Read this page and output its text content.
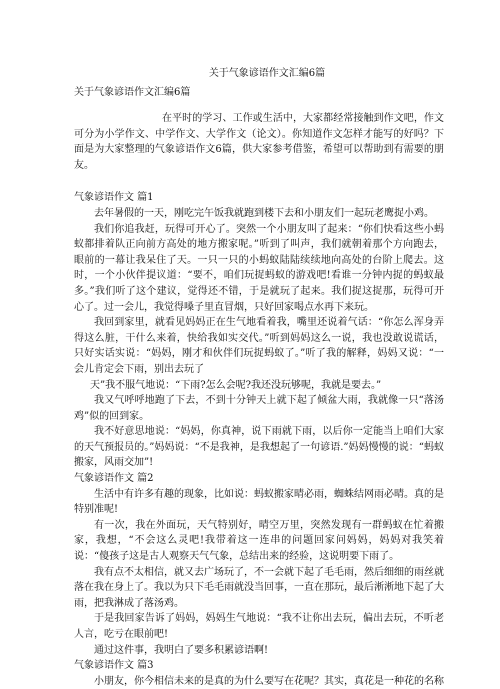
关于气象谚语作文汇编6篇
关于气象谚语作文汇编6篇

在平时的学习、工作或生活中，大家都经常接触到作文吧，作文可分为小学作文、中学作文、大学作文（论文）。你知道作文怎样才能写的好吗？下面是为大家整理的气象谚语作文6篇，供大家参考借鉴，希望可以帮助到有需要的朋友。

气象谚语作文 篇1

去年暑假的一天，刚吃完午饭我就跑到楼下去和小朋友们一起玩老鹰捉小鸡。

我们你追我赶，玩得可开心了。突然一个小朋友叫了起来：“你们快看这些小蚂蚁都排着队正向前方高处的地方搬家呢。”听到了叫声，我们就朝着那个方向跑去，眼前的一幕让我呆住了天。一只一只的小蚂蚁陆陆续续地向高处的台阶上爬去。这时，一个小伙伴提议道：“要不，咱们玩捉蚂蚁的游戏吧!看谁一分钟内捉的蚂蚁最多。”我们听了这个建议，觉得还不错，于是就玩了起来。我们捉这捉那，玩得可开心了。过一会儿，我觉得嗓子里直冒烟，只好回家喝点水再下来玩。

我回到家里，就看见妈妈正在生气地看着我，嘴里还说着气话：“你怎么浑身弄得这么脏，干什么来着，快给我如实交代。”听到妈妈这么一说，我也没敢说谎话，只好实话实说：“妈妈，刚才和伙伴们玩捉蚂蚁了。”听了我的解释，妈妈又说：“一会儿肯定会下雨，别出去玩了

天”我不服气地说：“下雨?怎么会呢?我还没玩够呢，我就是要去。”

我又气呼呼地跑了下去，不到十分钟天上就下起了倾盆大雨，我就像一只“落汤鸡”似的回到家。

我不好意思地说：“妈妈，你真神，说下雨就下雨，以后你一定能当上咱们大家的天气预报员的。”妈妈说：“不是我神，是我想起了一句谚语.”妈妈慢慢的说：“蚂蚁搬家，风雨交加”!

气象谚语作文 篇2

生活中有许多有趣的现象，比如说：蚂蚁搬家晴必雨，蜘蛛结网雨必晴。真的是特别准呢!

有一次，我在外面玩，天气特别好，晴空万里，突然发现有一群蚂蚁在忙着搬家，我想，“不会这么灵吧!我带着这一连串的问题回家问妈妈，妈妈对我笑着说：“傻孩子这是古人观察天气气象，总结出来的经验，这说明要下雨了。

我有点不太相信，就又去广场玩了，不一会就下起了毛毛雨，然后细细的雨丝就落在我在身上了。我以为只下毛毛雨就没当回事，一直在那玩，最后淅淅地下起了大雨，把我淋成了落汤鸡。

于是我回家告诉了妈妈，妈妈生气地说：“我不让你出去玩，偏出去玩，不听老人言，吃亏在眼前吧!

通过这件事，我明白了要多积累谚语啊!

气象谚语作文 篇3

小朋友，你今相信未来的是真的为什么要写在花呢？其实，真花是一种花的名称
